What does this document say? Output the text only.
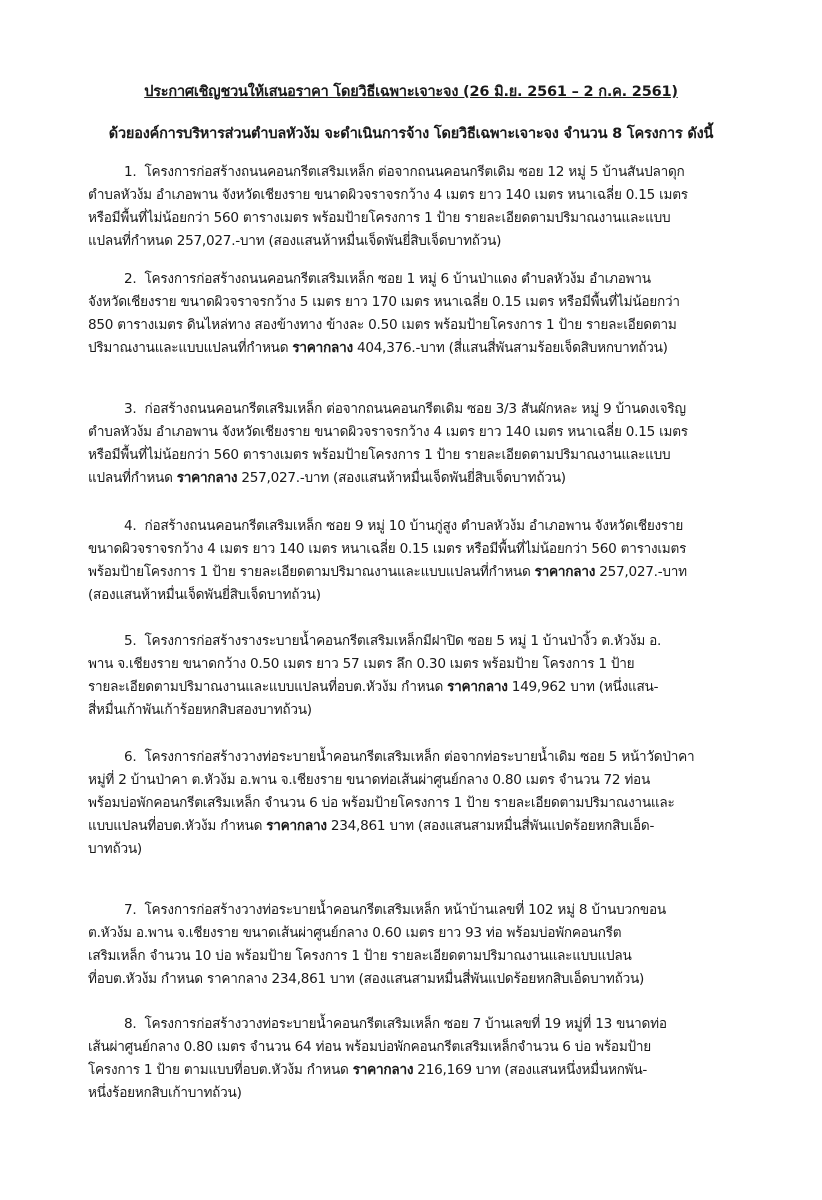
ประกาศเชิญชวนให้เสนอราคา โดยวิธีเฉพาะเจาะจง (26 มิ.ย. 2561 – 2 ก.ค. 2561)
ด้วยองค์การบริหารส่วนตำบลหัวง้ม จะดำเนินการจ้าง โดยวิธีเฉพาะเจาะจง จำนวน 8 โครงการ ดังนี้
1. โครงการก่อสร้างถนนคอนกรีตเสริมเหล็ก ต่อจากถนนคอนกรีตเดิม ซอย 12 หมู่ 5 บ้านสันปลาดุก
ตำบลหัวง้ม อำเภอพาน จังหวัดเชียงราย ขนาดผิวจราจรกว้าง 4 เมตร ยาว 140 เมตร หนาเฉลี่ย 0.15 เมตร
หรือมีพื้นที่ไม่น้อยกว่า 560 ตารางเมตร พร้อมป้ายโครงการ 1 ป้าย รายละเอียดตามปริมาณงานและแบบ
แปลนที่กำหนด 257,027.-บาท (สองแสนห้าหมื่นเจ็ดพันยี่สิบเจ็ดบาทถ้วน)
2. โครงการก่อสร้างถนนคอนกรีตเสริมเหล็ก ซอย 1 หมู่ 6 บ้านป่าแดง ตำบลหัวง้ม อำเภอพาน
จังหวัดเชียงราย ขนาดผิวจราจรกว้าง 5 เมตร ยาว 170 เมตร หนาเฉลี่ย 0.15 เมตร หรือมีพื้นที่ไม่น้อยกว่า
850 ตารางเมตร ดินไหล่ทาง สองข้างทาง ข้างละ 0.50 เมตร พร้อมป้ายโครงการ 1 ป้าย รายละเอียดตาม
ปริมาณงานและแบบแปลนที่กำหนด ราคากลาง 404,376.-บาท (สี่แสนสี่พันสามร้อยเจ็ดสิบหกบาทถ้วน)
3. ก่อสร้างถนนคอนกรีตเสริมเหล็ก ต่อจากถนนคอนกรีตเดิม ซอย 3/3 สันผักหละ หมู่ 9 บ้านดงเจริญ
ตำบลหัวง้ม อำเภอพาน จังหวัดเชียงราย ขนาดผิวจราจรกว้าง 4 เมตร ยาว 140 เมตร หนาเฉลี่ย 0.15 เมตร
หรือมีพื้นที่ไม่น้อยกว่า 560 ตารางเมตร พร้อมป้ายโครงการ 1 ป้าย รายละเอียดตามปริมาณงานและแบบ
แปลนที่กำหนด ราคากลาง 257,027.-บาท (สองแสนห้าหมื่นเจ็ดพันยี่สิบเจ็ดบาทถ้วน)
4. ก่อสร้างถนนคอนกรีตเสริมเหล็ก ซอย 9 หมู่ 10 บ้านกู่สูง ตำบลหัวง้ม อำเภอพาน จังหวัดเชียงราย
ขนาดผิวจราจรกว้าง 4 เมตร ยาว 140 เมตร หนาเฉลี่ย 0.15 เมตร หรือมีพื้นที่ไม่น้อยกว่า 560 ตารางเมตร
พร้อมป้ายโครงการ 1 ป้าย รายละเอียดตามปริมาณงานและแบบแปลนที่กำหนด ราคากลาง 257,027.-บาท
(สองแสนห้าหมื่นเจ็ดพันยี่สิบเจ็ดบาทถ้วน)
5. โครงการก่อสร้างรางระบายน้ำคอนกรีตเสริมเหล็กมีฝาปิด ซอย 5 หมู่ 1 บ้านป่างิ้ว ต.หัวง้ม อ.
พาน จ.เชียงราย ขนาดกว้าง 0.50 เมตร ยาว 57 เมตร ลึก 0.30 เมตร พร้อมป้าย โครงการ 1 ป้าย
รายละเอียดตามปริมาณงานและแบบแปลนที่อบต.หัวง้ม กำหนด ราคากลาง 149,962 บาท (หนึ่งแสน-
สี่หมื่นเก้าพันเก้าร้อยหกสิบสองบาทถ้วน)
6. โครงการก่อสร้างวางท่อระบายน้ำคอนกรีตเสริมเหล็ก ต่อจากท่อระบายน้ำเดิม ซอย 5 หน้าวัดป่าคา
หมู่ที่ 2 บ้านป่าคา ต.หัวง้ม อ.พาน จ.เชียงราย ขนาดท่อเส้นผ่าศูนย์กลาง 0.80 เมตร จำนวน 72 ท่อน
พร้อมบ่อพักคอนกรีตเสริมเหล็ก จำนวน 6 บ่อ พร้อมป้ายโครงการ 1 ป้าย รายละเอียดตามปริมาณงานและ
แบบแปลนที่อบต.หัวง้ม กำหนด ราคากลาง 234,861 บาท (สองแสนสามหมื่นสี่พันแปดร้อยหกสิบเอ็ด-
บาทถ้วน)
7. โครงการก่อสร้างวางท่อระบายน้ำคอนกรีตเสริมเหล็ก หน้าบ้านเลขที่ 102 หมู่ 8 บ้านบวกขอน
ต.หัวง้ม อ.พาน จ.เชียงราย ขนาดเส้นผ่าศูนย์กลาง 0.60 เมตร ยาว 93 ท่อ พร้อมบ่อพักคอนกรีต
เสริมเหล็ก จำนวน 10 บ่อ พร้อมป้าย โครงการ 1 ป้าย รายละเอียดตามปริมาณงานและแบบแปลน
ที่อบต.หัวง้ม กำหนด ราคากลาง 234,861 บาท (สองแสนสามหมื่นสี่พันแปดร้อยหกสิบเอ็ดบาทถ้วน)
8. โครงการก่อสร้างวางท่อระบายน้ำคอนกรีตเสริมเหล็ก ซอย 7 บ้านเลขที่ 19 หมู่ที่ 13 ขนาดท่อ
เส้นผ่าศูนย์กลาง 0.80 เมตร จำนวน 64 ท่อน พร้อมบ่อพักคอนกรีตเสริมเหล็กจำนวน 6 บ่อ พร้อมป้าย
โครงการ 1 ป้าย ตามแบบที่อบต.หัวง้ม กำหนด ราคากลาง 216,169 บาท (สองแสนหนึ่งหมื่นหกพัน-
หนึ่งร้อยหกสิบเก้าบาทถ้วน)
